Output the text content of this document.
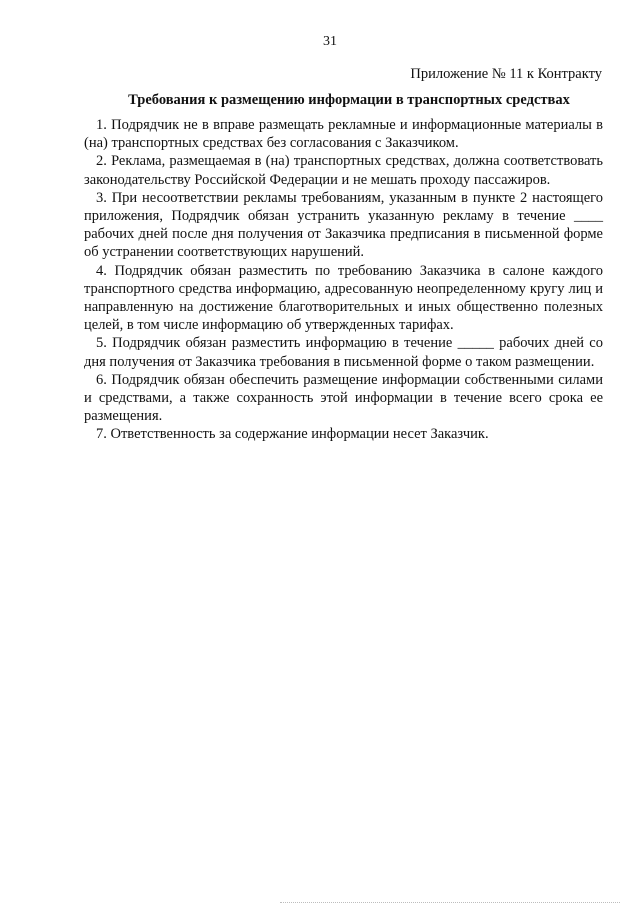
31
Приложение № 11 к Контракту
Требования к размещению информации в транспортных средствах

1. Подрядчик не в вправе размещать рекламные и информационные материалы в (на) транспортных средствах без согласования с Заказчиком.

2. Реклама, размещаемая в (на) транспортных средствах, должна соответствовать законодательству Российской Федерации и не мешать проходу пассажиров.

3. При несоответствии рекламы требованиям, указанным в пункте 2 настоящего приложения, Подрядчик обязан устранить указанную рекламу в течение ____ рабочих дней после дня получения от Заказчика предписания в письменной форме об устранении соответствующих нарушений.

4. Подрядчик обязан разместить по требованию Заказчика в салоне каждого транспортного средства информацию, адресованную неопределенному кругу лиц и направленную на достижение благотворительных и иных общественно полезных целей, в том числе информацию об утвержденных тарифах.

5. Подрядчик обязан разместить информацию в течение _____ рабочих дней со дня получения от Заказчика требования в письменной форме о таком размещении.

6. Подрядчик обязан обеспечить размещение информации собственными силами и средствами, а также сохранность этой информации в течение всего срока ее размещения.

7. Ответственность за содержание информации несет Заказчик.
